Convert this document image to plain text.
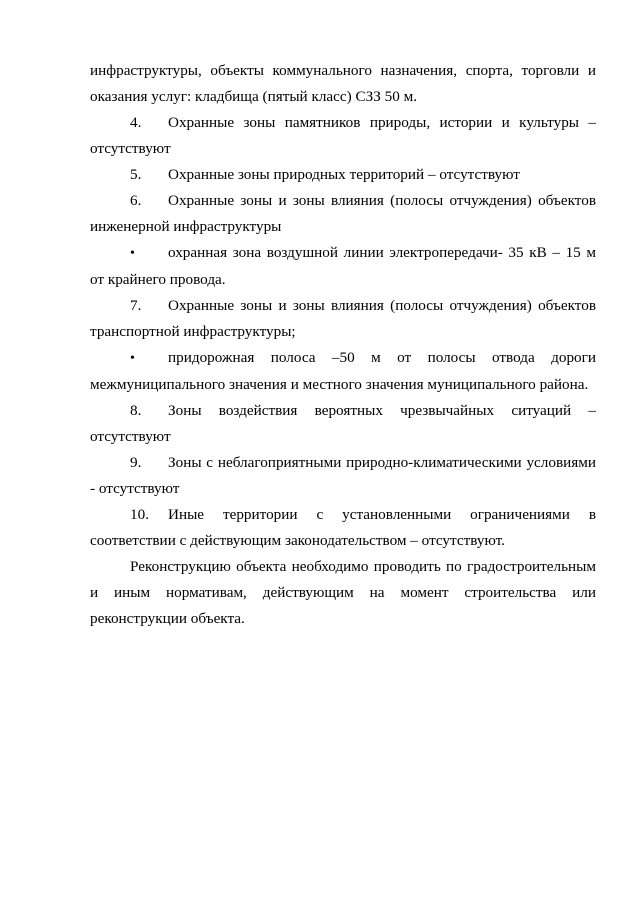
инфраструктуры, объекты коммунального назначения, спорта, торговли и оказания услуг: кладбища (пятый класс) СЗЗ 50 м.

4. Охранные зоны памятников природы, истории и культуры – отсутствуют

5. Охранные зоны природных территорий – отсутствуют

6. Охранные зоны и зоны влияния (полосы отчуждения) объектов инженерной инфраструктуры

• охранная зона воздушной линии электропередачи- 35 кВ – 15 м от крайнего провода.

7. Охранные зоны и зоны влияния (полосы отчуждения) объектов транспортной инфраструктуры;

• придорожная полоса –50 м от полосы отвода дороги межмуниципального значения и местного значения муниципального района.

8. Зоны воздействия вероятных чрезвычайных ситуаций – отсутствуют

9. Зоны с неблагоприятными природно-климатическими условиями - отсутствуют

10. Иные территории с установленными ограничениями в соответствии с действующим законодательством – отсутствуют.

Реконструкцию объекта необходимо проводить по градостроительным и иным нормативам, действующим на момент строительства или реконструкции объекта.
